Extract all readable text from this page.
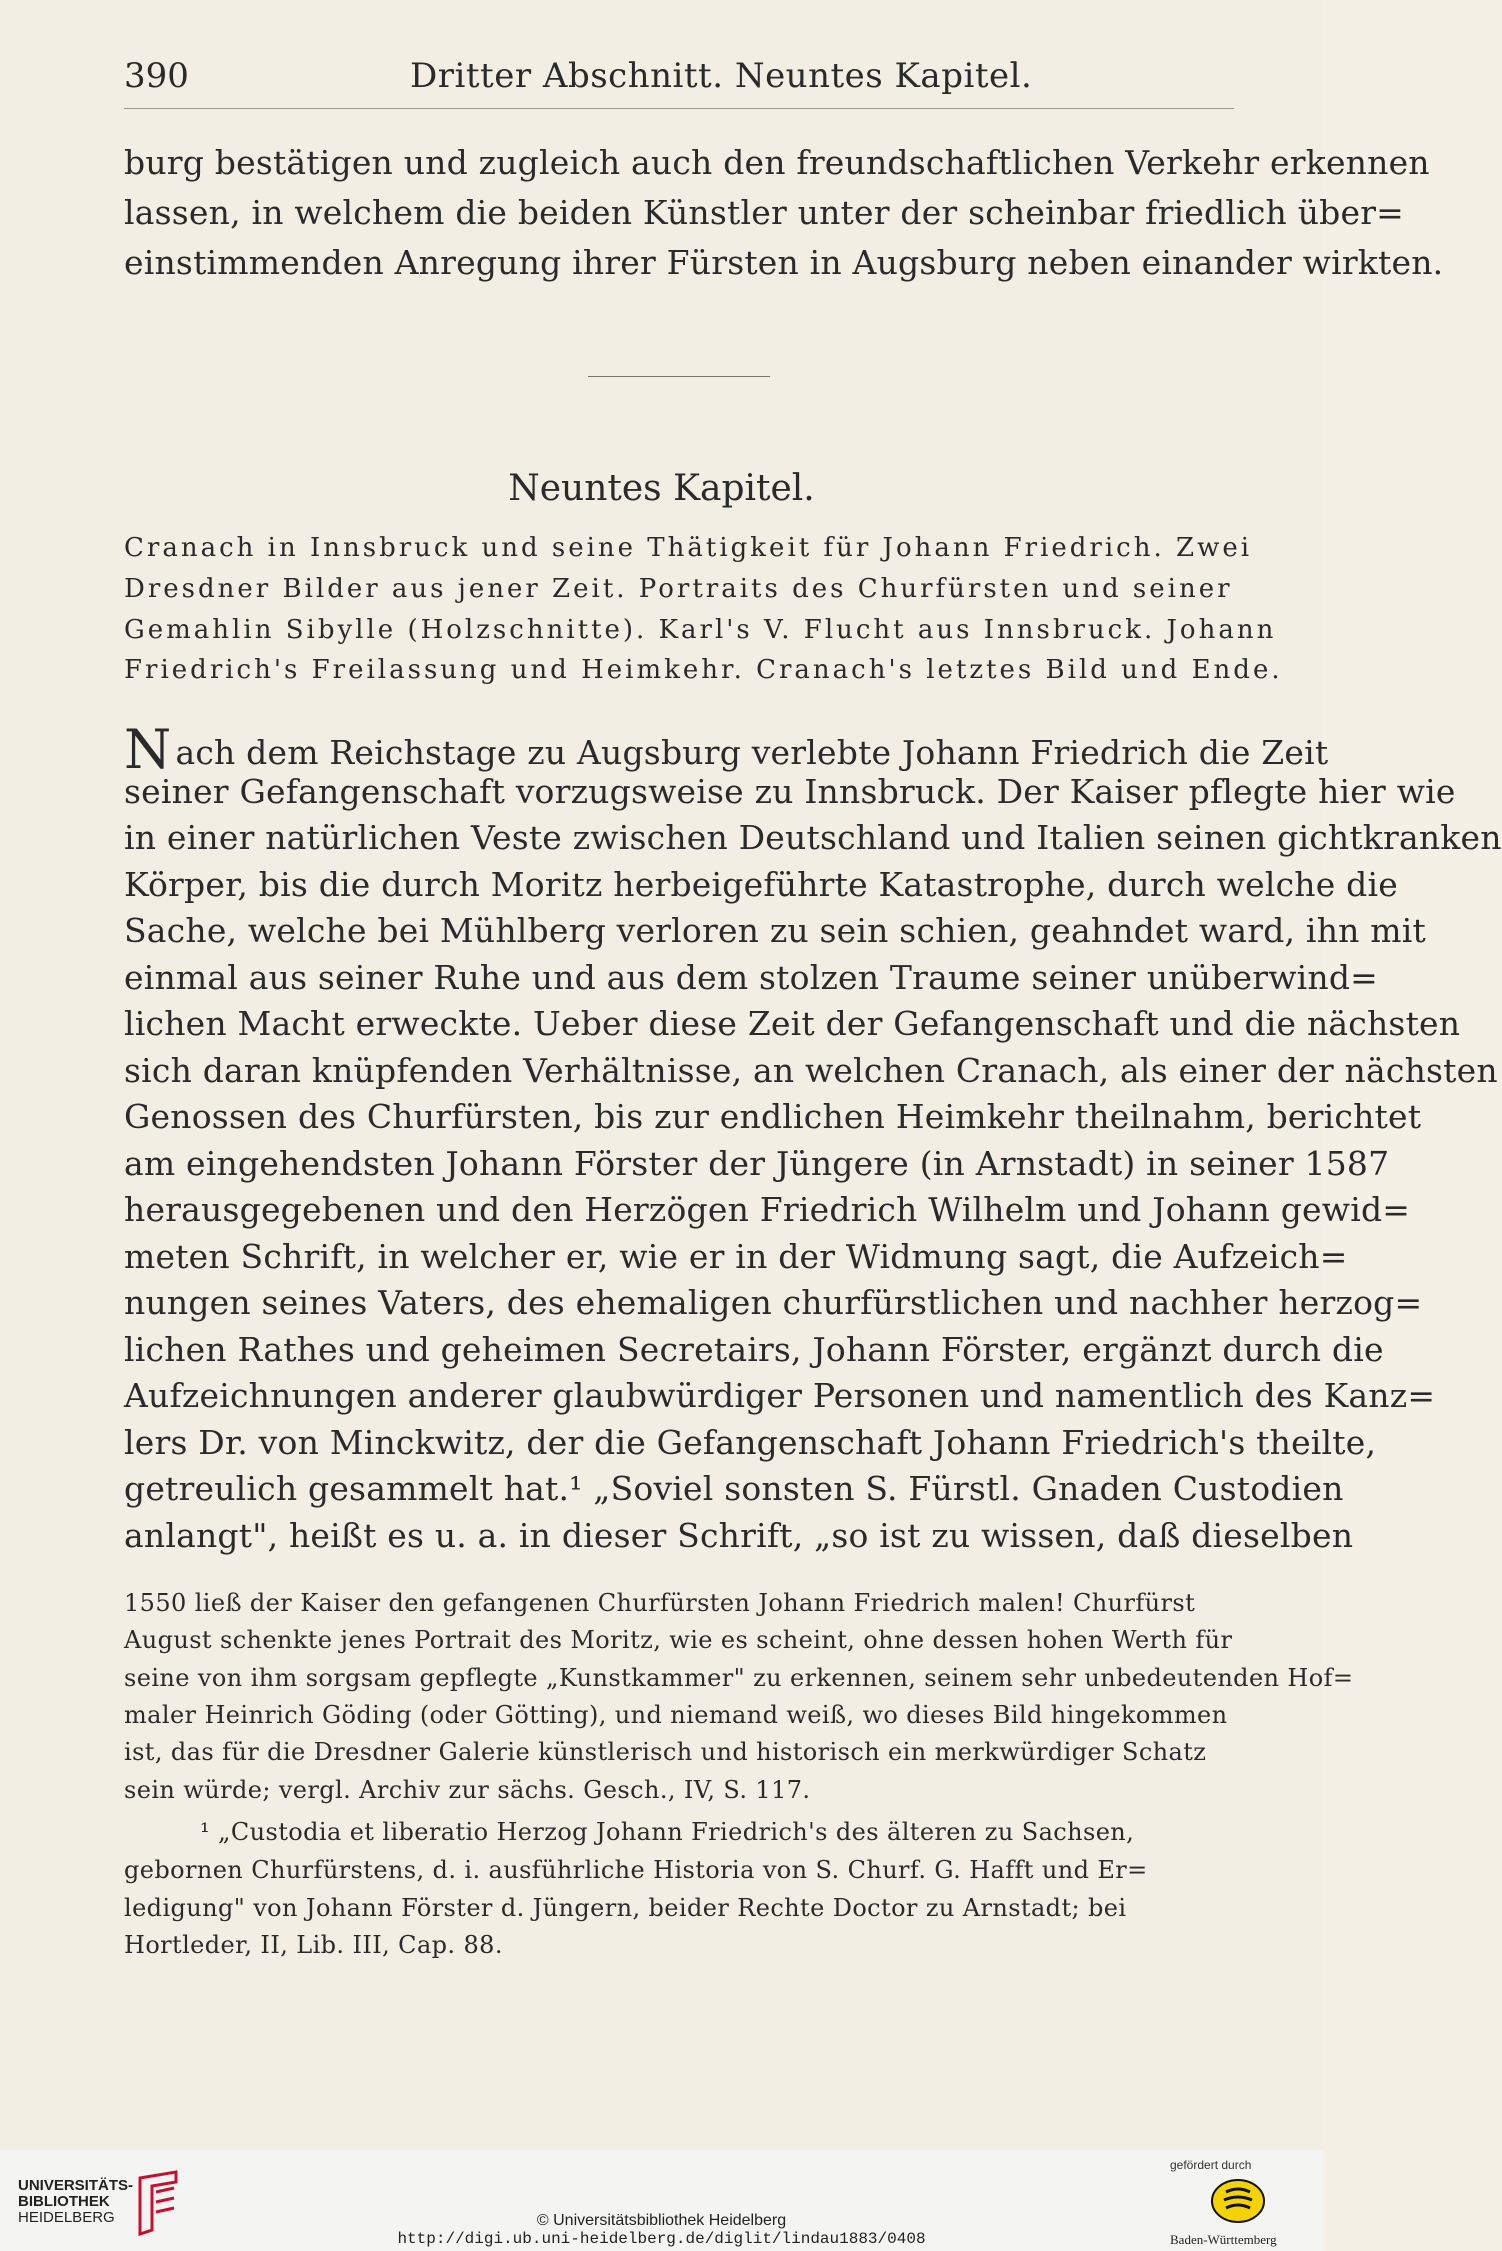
390	Dritter Abschnitt. Neuntes Kapitel.
burg bestätigen und zugleich auch den freundschaftlichen Verkehr erkennen
lassen, in welchem die beiden Künstler unter der scheinbar friedlich über=
einstimmenden Anregung ihrer Fürsten in Augsburg neben einander wirkten.
Neuntes Kapitel.
Cranach in Innsbruck und seine Thätigkeit für Johann Friedrich. Zwei
Dresdner Bilder aus jener Zeit. Portraits des Churfürsten und seiner
Gemahlin Sibylle (Holzschnitte). Karl's V. Flucht aus Innsbruck. Johann
Friedrich's Freilassung und Heimkehr. Cranach's letztes Bild und Ende.
Nach dem Reichstage zu Augsburg verlebte Johann Friedrich die Zeit
seiner Gefangenschaft vorzugsweise zu Innsbruck. Der Kaiser pflegte hier wie
in einer natürlichen Veste zwischen Deutschland und Italien seinen gichtkranken
Körper, bis die durch Moritz herbeigeführte Katastrophe, durch welche die
Sache, welche bei Mühlberg verloren zu sein schien, geahndet ward, ihn mit
einmal aus seiner Ruhe und aus dem stolzen Traume seiner unüberwind=
lichen Macht erweckte. Ueber diese Zeit der Gefangenschaft und die nächsten
sich daran knüpfenden Verhältnisse, an welchen Cranach, als einer der nächsten
Genossen des Churfürsten, bis zur endlichen Heimkehr theilnahm, berichtet
am eingehendsten Johann Förster der Jüngere (in Arnstadt) in seiner 1587
herausgegebenen und den Herzögen Friedrich Wilhelm und Johann gewid=
meten Schrift, in welcher er, wie er in der Widmung sagt, die Aufzeich=
nungen seines Vaters, des ehemaligen churfürstlichen und nachher herzog=
lichen Rathes und geheimen Secretairs, Johann Förster, ergänzt durch die
Aufzeichnungen anderer glaubwürdiger Personen und namentlich des Kanz=
lers Dr. von Minckwitz, der die Gefangenschaft Johann Friedrich's theilte,
getreulich gesammelt hat.¹ „Soviel sonsten S. Fürstl. Gnaden Custodien
anlangt", heißt es u. a. in dieser Schrift, „so ist zu wissen, daß dieselben
1550 ließ der Kaiser den gefangenen Churfürsten Johann Friedrich malen! Churfürst
August schenkte jenes Portrait des Moritz, wie es scheint, ohne dessen hohen Werth für
seine von ihm sorgsam gepflegte „Kunstkammer" zu erkennen, seinem sehr unbedeutenden Hof=
maler Heinrich Göding (oder Götting), und niemand weiß, wo dieses Bild hingekommen
ist, das für die Dresdner Galerie künstlerisch und historisch ein merkwürdiger Schatz
sein würde; vergl. Archiv zur sächs. Gesch., IV, S. 117.
¹ „Custodia et liberatio Herzog Johann Friedrich's des älteren zu Sachsen,
gebornen Churfürstens, d. i. ausführliche Historia von S. Churf. G. Hafft und Er=
ledigung" von Johann Förster d. Jüngern, beider Rechte Doctor zu Arnstadt; bei
Hortleder, II, Lib. III, Cap. 88.
UNIVERSITÄTS-
BIBLIOTHEK
HEIDELBERG	© Universitätsbibliothek Heidelberg
http://digi.ub.uni-heidelberg.de/diglit/lindau1883/0408
gefördert durch
Baden-Württemberg
